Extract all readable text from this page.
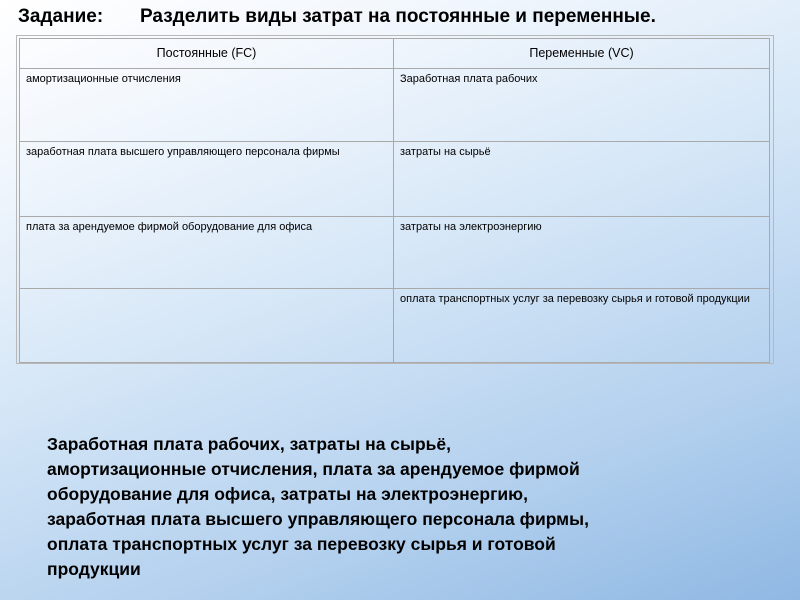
Задание: Разделить виды затрат на постоянные и переменные.
Постоянные (FC)	Переменные (VC)
амортизационные отчисления	Заработная плата рабочих
заработная плата высшего управляющего персонала фирмы	затраты на сырьё
плата за арендуемое фирмой оборудование для офиса	затраты на электроэнергию
	оплата транспортных услуг за перевозку сырья и готовой продукции
Заработная плата рабочих, затраты на сырьё,
амортизационные отчисления, плата за арендуемое фирмой
оборудование для офиса, затраты на электроэнергию,
заработная плата высшего управляющего персонала фирмы,
оплата транспортных услуг за перевозку сырья и готовой
продукции
